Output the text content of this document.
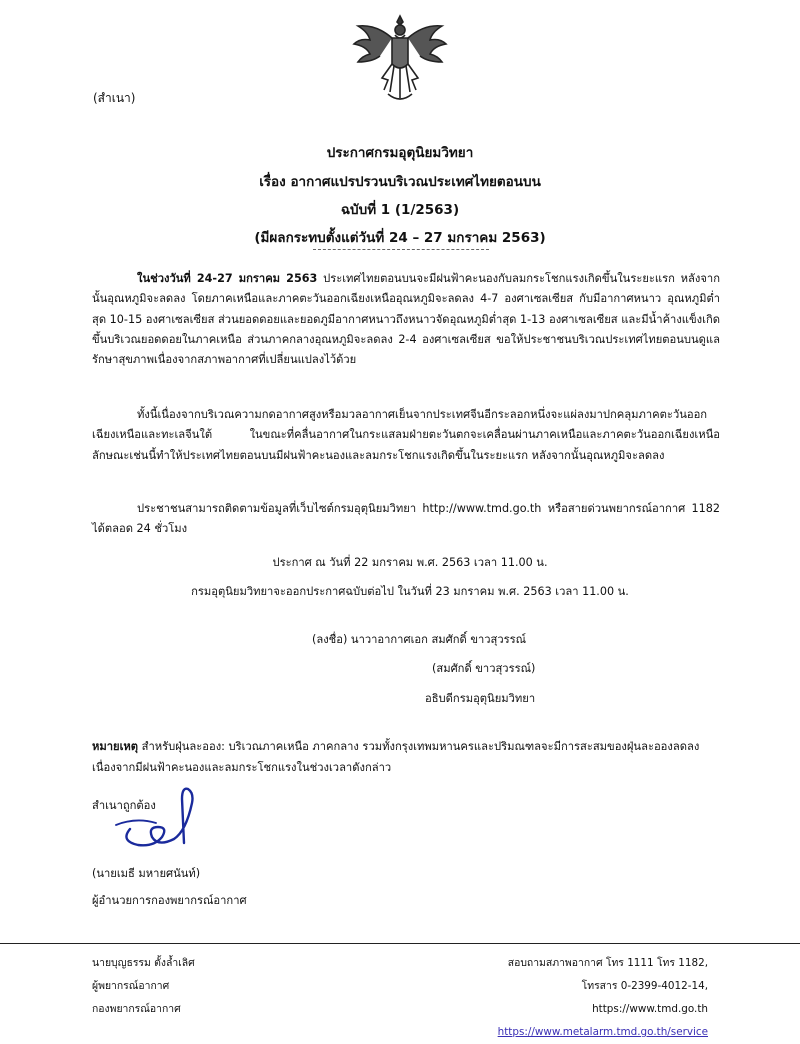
(สำเนา)
ประกาศกรมอุตุนิยมวิทยา
เรื่อง อากาศแปรปรวนบริเวณประเทศไทยตอนบน
ฉบับที่ 1 (1/2563)
(มีผลกระทบตั้งแต่วันที่ 24 – 27 มกราคม 2563)
ในช่วงวันที่ 24-27 มกราคม 2563 ประเทศไทยตอนบนจะมีฝนฟ้าคะนองกับลมกระโชกแรงเกิดขึ้นในระยะแรก หลังจากนั้นอุณหภูมิจะลดลง โดยภาคเหนือและภาคตะวันออกเฉียงเหนืออุณหภูมิจะลดลง 4-7 องศาเซลเซียส กับมีอากาศหนาว อุณหภูมิต่ำสุด 10-15 องศาเซลเซียส ส่วนยอดดอยและยอดภูมีอากาศหนาวถึงหนาวจัดอุณหภูมิต่ำสุด 1-13 องศาเซลเซียส และมีน้ำค้างแข็งเกิดขึ้นบริเวณยอดดอยในภาคเหนือ ส่วนภาคกลางอุณหภูมิจะลดลง 2-4 องศาเซลเซียส ขอให้ประชาชนบริเวณประเทศไทยตอนบนดูแลรักษาสุขภาพเนื่องจากสภาพอากาศที่เปลี่ยนแปลงไว้ด้วย
ทั้งนี้เนื่องจากบริเวณความกดอากาศสูงหรือมวลอากาศเย็นจากประเทศจีนอีกระลอกหนึ่งจะแผ่ลงมาปกคลุมภาคตะวันออกเฉียงเหนือและทะเลจีนใต้ ในขณะที่คลื่นอากาศในกระแสลมฝ่ายตะวันตกจะเคลื่อนผ่านภาคเหนือและภาคตะวันออกเฉียงเหนือ ลักษณะเช่นนี้ทำให้ประเทศไทยตอนบนมีฝนฟ้าคะนองและลมกระโชกแรงเกิดขึ้นในระยะแรก หลังจากนั้นอุณหภูมิจะลดลง
ประชาชนสามารถติดตามข้อมูลที่เว็บไซต์กรมอุตุนิยมวิทยา http://www.tmd.go.th หรือสายด่วนพยากรณ์อากาศ 1182 ได้ตลอด 24 ชั่วโมง
ประกาศ ณ วันที่ 22 มกราคม พ.ศ. 2563 เวลา 11.00 น.
กรมอุตุนิยมวิทยาจะออกประกาศฉบับต่อไป ในวันที่ 23 มกราคม พ.ศ. 2563 เวลา 11.00 น.
(ลงชื่อ) นาวาอากาศเอก สมศักดิ์ ขาวสุวรรณ์
(สมศักดิ์ ขาวสุวรรณ์)
อธิบดีกรมอุตุนิยมวิทยา
หมายเหตุ สำหรับฝุ่นละออง: บริเวณภาคเหนือ ภาคกลาง รวมทั้งกรุงเทพมหานครและปริมณฑลจะมีการสะสมของฝุ่นละอองลดลง เนื่องจากมีฝนฟ้าคะนองและลมกระโชกแรงในช่วงเวลาดังกล่าว
สำเนาถูกต้อง
(นายเมธี มหายศนันท์)
ผู้อำนวยการกองพยากรณ์อากาศ
นายบุญธรรม ตั้งล้ำเลิศ
ผู้พยากรณ์อากาศ
กองพยากรณ์อากาศ
สอบถามสภาพอากาศ โทร 1111 โทร 1182,
โทรสาร 0-2399-4012-14, https://www.tmd.go.th
https://www.metalarm.tmd.go.th/service
